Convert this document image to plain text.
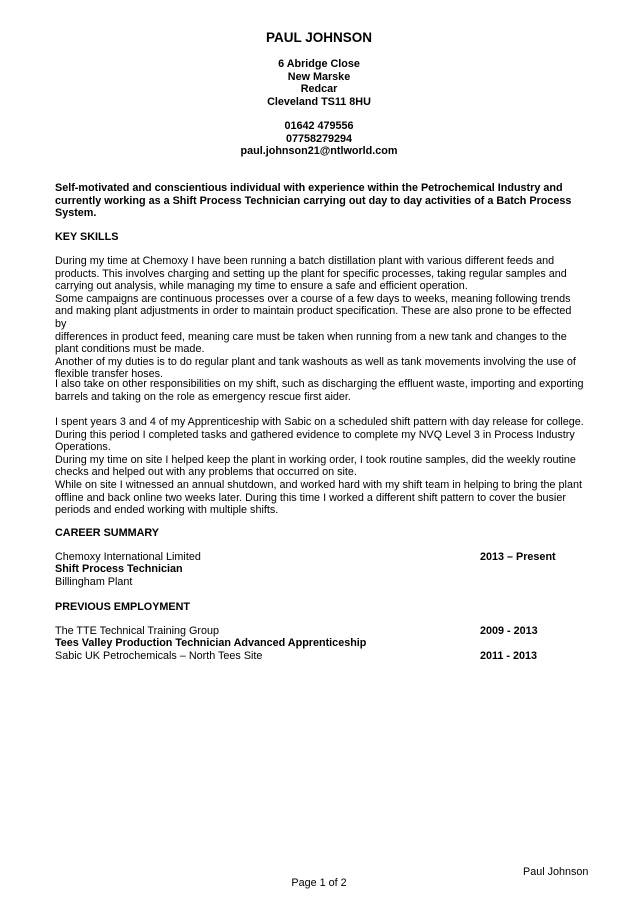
PAUL JOHNSON
6 Abridge Close
New Marske
Redcar
Cleveland TS11 8HU
01642 479556
07758279294
paul.johnson21@ntlworld.com
Self-motivated and conscientious individual with experience within the Petrochemical Industry and currently working as a Shift Process Technician carrying out day to day activities of a Batch Process System.
KEY SKILLS
During my time at Chemoxy I have been running a batch distillation plant with various different feeds and
products. This involves charging and setting up the plant for specific processes, taking regular samples and
carrying out analysis, while managing my time to ensure a safe and efficient operation.
Some campaigns are continuous processes over a course of a few days to weeks, meaning following trends
and making plant adjustments in order to maintain product specification. These are also prone to be effected by
differences in product feed, meaning care must be taken when running from a new tank and changes to the
plant conditions must be made.
Another of my duties is to do regular plant and tank washouts as well as tank movements involving the use of
flexible transfer hoses.
I also take on other responsibilities on my shift, such as discharging the effluent waste, importing and exporting
barrels and taking on the role as emergency rescue first aider.
I spent years 3 and 4 of my Apprenticeship with Sabic on a scheduled shift pattern with day release for college.
During this period I completed tasks and gathered evidence to complete my NVQ Level 3 in Process Industry
Operations.
During my time on site I helped keep the plant in working order, I took routine samples, did the weekly routine
checks and helped out with any problems that occurred on site.
While on site I witnessed an annual shutdown, and worked hard with my shift team in helping to bring the plant
offline and back online two weeks later. During this time I worked a different shift pattern to cover the busier
periods and ended working with multiple shifts.
CAREER SUMMARY
Chemoxy International Limited	2013 – Present
Shift Process Technician
Billingham Plant
PREVIOUS EMPLOYMENT
The TTE Technical Training Group	2009 - 2013
Tees Valley Production Technician Advanced Apprenticeship
Sabic UK Petrochemicals – North Tees Site	2011 - 2013
Paul Johnson
Page 1 of 2
